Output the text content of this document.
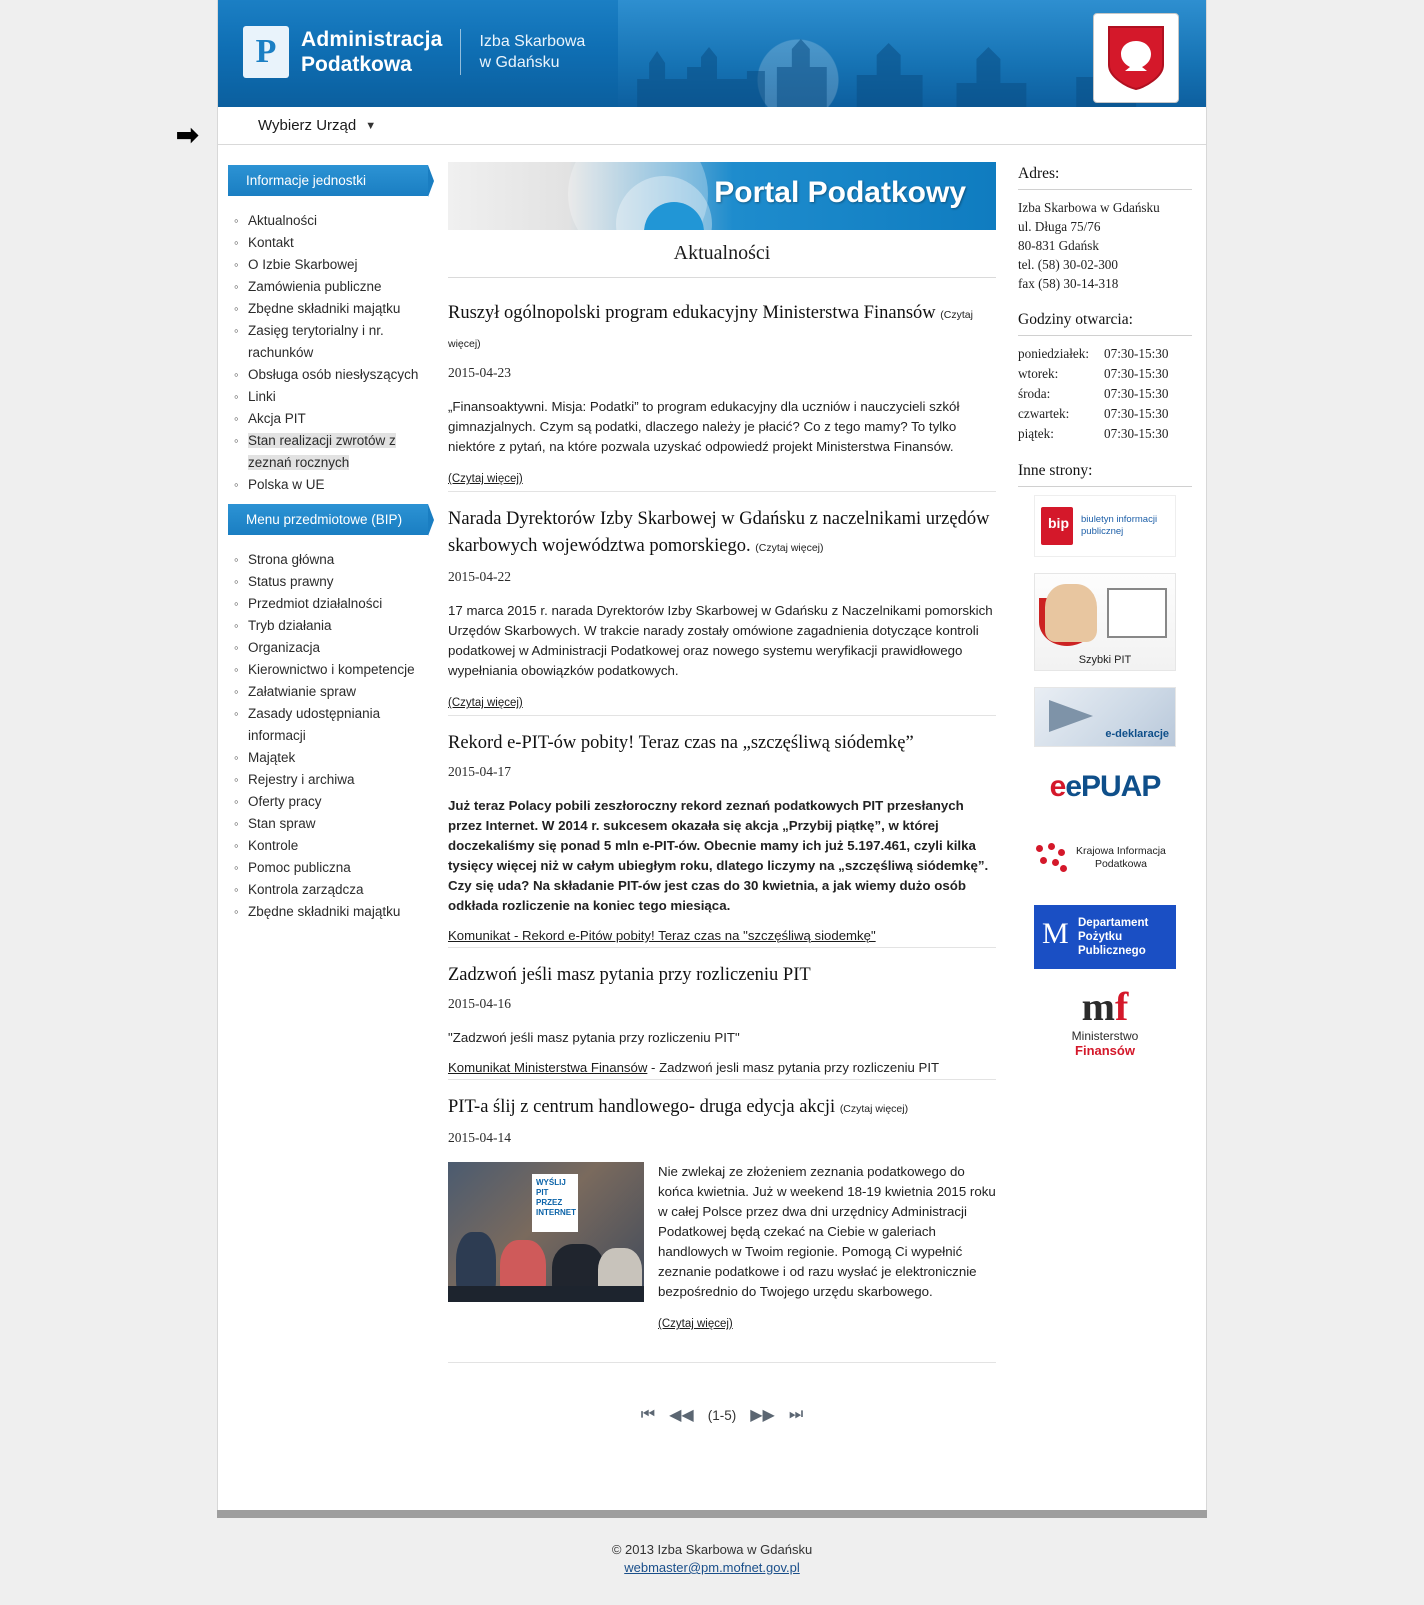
➡
P Administracja
Podatkowa
Izba Skarbowa
w Gdańsku
Wybierz Urząd ▼
Informacje jednostki
◦ Aktualności
◦ Kontakt
◦ O Izbie Skarbowej
◦ Zamówienia publiczne
◦ Zbędne składniki majątku
◦ Zasięg terytorialny i nr. rachunków
◦ Obsługa osób niesłyszących
◦ Linki
◦ Akcja PIT
◦ Stan realizacji zwrotów z zeznań rocznych
◦ Polska w UE
Menu przedmiotowe (BIP)
◦ Strona główna
◦ Status prawny
◦ Przedmiot działalności
◦ Tryb działania
◦ Organizacja
◦ Kierownictwo i kompetencje
◦ Załatwianie spraw
◦ Zasady udostępniania informacji
◦ Majątek
◦ Rejestry i archiwa
◦ Oferty pracy
◦ Stan spraw
◦ Kontrole
◦ Pomoc publiczna
◦ Kontrola zarządcza
◦ Zbędne składniki majątku
Portal Podatkowy
Aktualności
Ruszył ogólnopolski program edukacyjny Ministerstwa Finansów (Czytaj więcej)
2015-04-23
„Finansoaktywni. Misja: Podatki” to program edukacyjny dla uczniów i nauczycieli szkół gimnazjalnych. Czym są podatki, dlaczego należy je płacić? Co z tego mamy? To tylko niektóre z pytań, na które pozwala uzyskać odpowiedź projekt Ministerstwa Finansów.
(Czytaj więcej)
Narada Dyrektorów Izby Skarbowej w Gdańsku z naczelnikami urzędów skarbowych województwa pomorskiego. (Czytaj więcej)
2015-04-22
17 marca 2015 r. narada Dyrektorów Izby Skarbowej w Gdańsku z Naczelnikami pomorskich Urzędów Skarbowych. W trakcie narady zostały omówione zagadnienia dotyczące kontroli podatkowej w Administracji Podatkowej oraz nowego systemu weryfikacji prawidłowego wypełniania obowiązków podatkowych.
(Czytaj więcej)
Rekord e-PIT-ów pobity! Teraz czas na „szczęśliwą siódemkę”
2015-04-17
Już teraz Polacy pobili zeszłoroczny rekord zeznań podatkowych PIT przesłanych przez Internet. W 2014 r. sukcesem okazała się akcja „Przybij piątkę”, w której doczekaliśmy się ponad 5 mln e-PIT-ów. Obecnie mamy ich już 5.197.461, czyli kilka tysięcy więcej niż w całym ubiegłym roku, dlatego liczymy na „szczęśliwą siódemkę”. Czy się uda? Na składanie PIT-ów jest czas do 30 kwietnia, a jak wiemy dużo osób odkłada rozliczenie na koniec tego miesiąca.
Komunikat - Rekord e-Pitów pobity! Teraz czas na "szczęśliwą siodemkę"
Zadzwoń jeśli masz pytania przy rozliczeniu PIT
2015-04-16
"Zadzwoń jeśli masz pytania przy rozliczeniu PIT"
Komunikat Ministerstwa Finansów - Zadzwoń jesli masz pytania przy rozliczeniu PIT
PIT-a ślij z centrum handlowego- druga edycja akcji (Czytaj więcej)
2015-04-14
WYŚLIJ PIT PRZEZ INTERNET
Nie zwlekaj ze złożeniem zeznania podatkowego do końca kwietnia. Już w weekend 18-19 kwietnia 2015 roku w całej Polsce przez dwa dni urzędnicy Administracji Podatkowej będą czekać na Ciebie w galeriach handlowych w Twoim regionie. Pomogą Ci wypełnić zeznanie podatkowe i od razu wysłać je elektronicznie bezpośrednio do Twojego urzędu skarbowego.
(Czytaj więcej)
⏮ ◀◀ (1-5) ▶▶ ⏭
Adres:
Izba Skarbowa w Gdańsku
ul. Długa 75/76
80-831 Gdańsk
tel. (58) 30-02-300
fax (58) 30-14-318
Godziny otwarcia:
poniedziałek:	07:30-15:30
wtorek:	07:30-15:30
środa:	07:30-15:30
czwartek:	07:30-15:30
piątek:	07:30-15:30
Inne strony:
bip
biuletyn informacji publicznej
Szybki PIT
e-deklaracje
eePUAP
Krajowa Informacja Podatkowa
M Departament Pożytku Publicznego
mf
Ministerstwo
Finansów
© 2013 Izba Skarbowa w Gdańsku
webmaster@pm.mofnet.gov.pl
